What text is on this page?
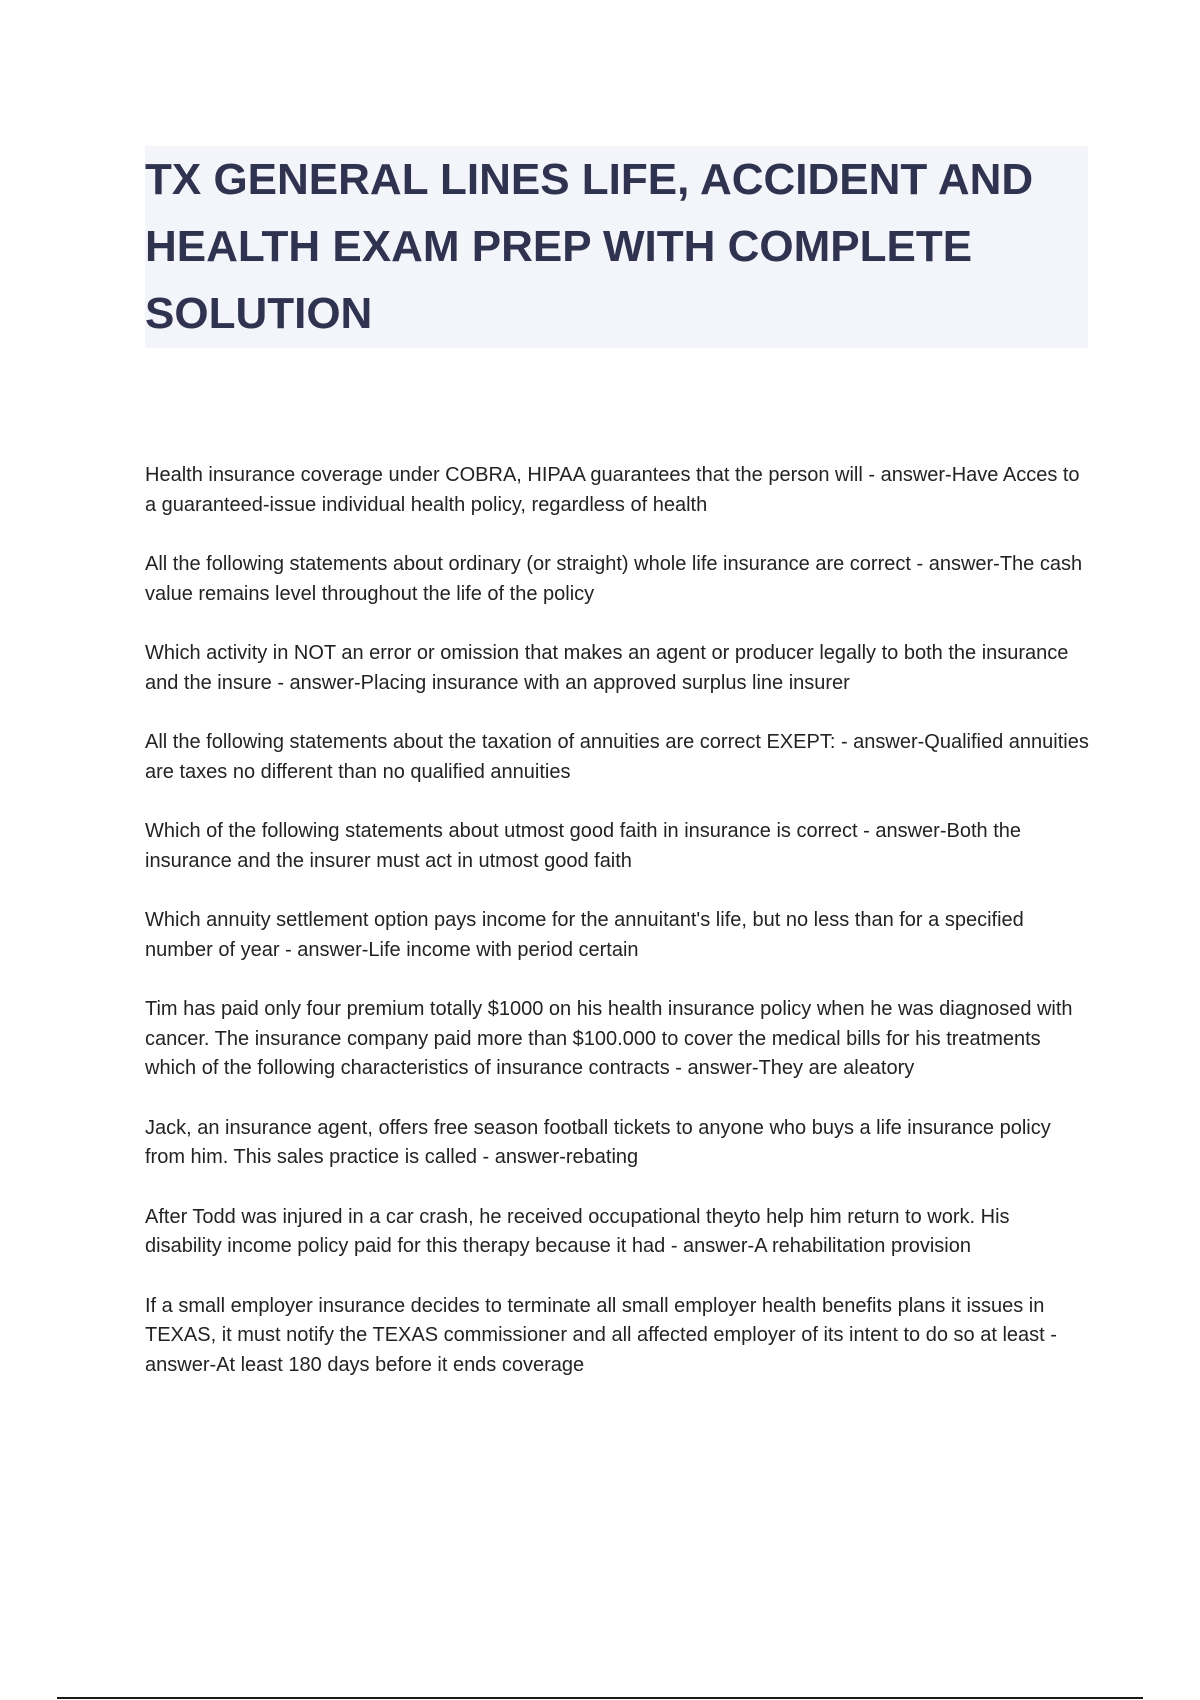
TX GENERAL LINES LIFE, ACCIDENT AND HEALTH EXAM PREP WITH COMPLETE SOLUTION

Health insurance coverage under COBRA, HIPAA guarantees that the person will - answer-Have Acces to a guaranteed-issue individual health policy, regardless of health

All the following statements about ordinary (or straight) whole life insurance are correct - answer-The cash value remains level throughout the life of the policy

Which activity in NOT an error or omission that makes an agent or producer legally to both the insurance and the insure - answer-Placing insurance with an approved surplus line insurer

All the following statements about the taxation of annuities are correct EXEPT: - answer-Qualified annuities are taxes no different than no qualified annuities

Which of the following statements about utmost good faith in insurance is correct - answer-Both the insurance and the insurer must act in utmost good faith

Which annuity settlement option pays income for the annuitant's life, but no less than for a specified number of year - answer-Life income with period certain

Tim has paid only four premium totally $1000 on his health insurance policy when he was diagnosed with cancer. The insurance company paid more than $100.000 to cover the medical bills for his treatments which of the following characteristics of insurance contracts - answer-They are aleatory

Jack, an insurance agent, offers free season football tickets to anyone who buys a life insurance policy from him. This sales practice is called - answer-rebating

After Todd was injured in a car crash, he received occupational theyto help him return to work. His disability income policy paid for this therapy because it had - answer-A rehabilitation provision

If a small employer insurance decides to terminate all small employer health benefits plans it issues in TEXAS, it must notify the TEXAS commissioner and all affected employer of its intent to do so at least - answer-At least 180 days before it ends coverage
